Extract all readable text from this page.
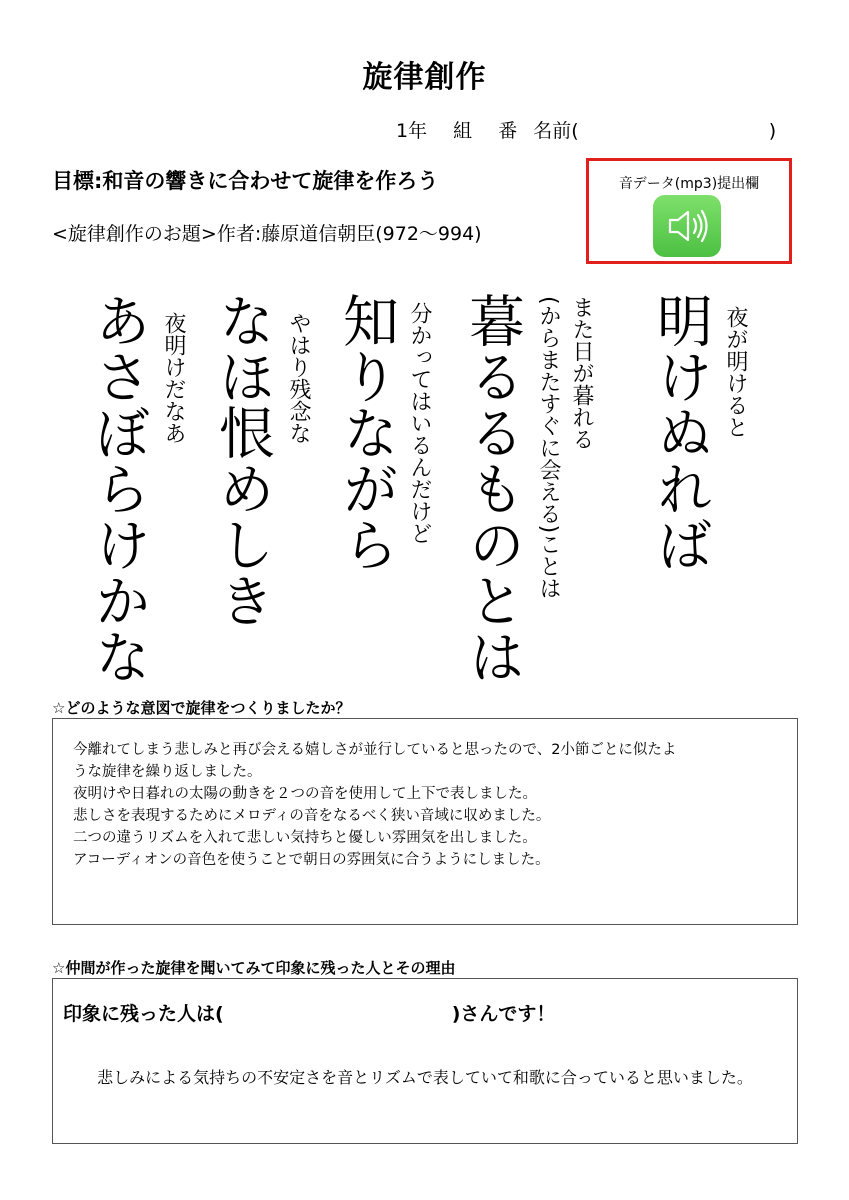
旋律創作
1年 組 番 名前(	)
目標:和音の響きに合わせて旋律を作ろう
<旋律創作のお題>作者:藤原道信朝臣(972〜994)
音データ(mp3)提出欄
夜が明けると
明けぬれば
また日が暮れる
(からまたすぐに会える)ことは
暮るるものとは
分かってはいるんだけど
知りながら
やはり残念な
なほ恨めしき
夜明けだなあ
あさぼらけかな
☆どのような意図で旋律をつくりましたか？
今離れてしまう悲しみと再び会える嬉しさが並行していると思ったので、2小節ごとに似たよ
うな旋律を繰り返しました。
夜明けや日暮れの太陽の動きを２つの音を使用して上下で表しました。
悲しさを表現するためにメロディの音をなるべく狭い音域に収めました。
二つの違うリズムを入れて悲しい気持ちと優しい雰囲気を出しました。
アコーディオンの音色を使うことで朝日の雰囲気に合うようにしました。
☆仲間が作った旋律を聞いてみて印象に残った人とその理由
印象に残った人は(	)さんです！
悲しみによる気持ちの不安定さを音とリズムで表していて和歌に合っていると思いました。
